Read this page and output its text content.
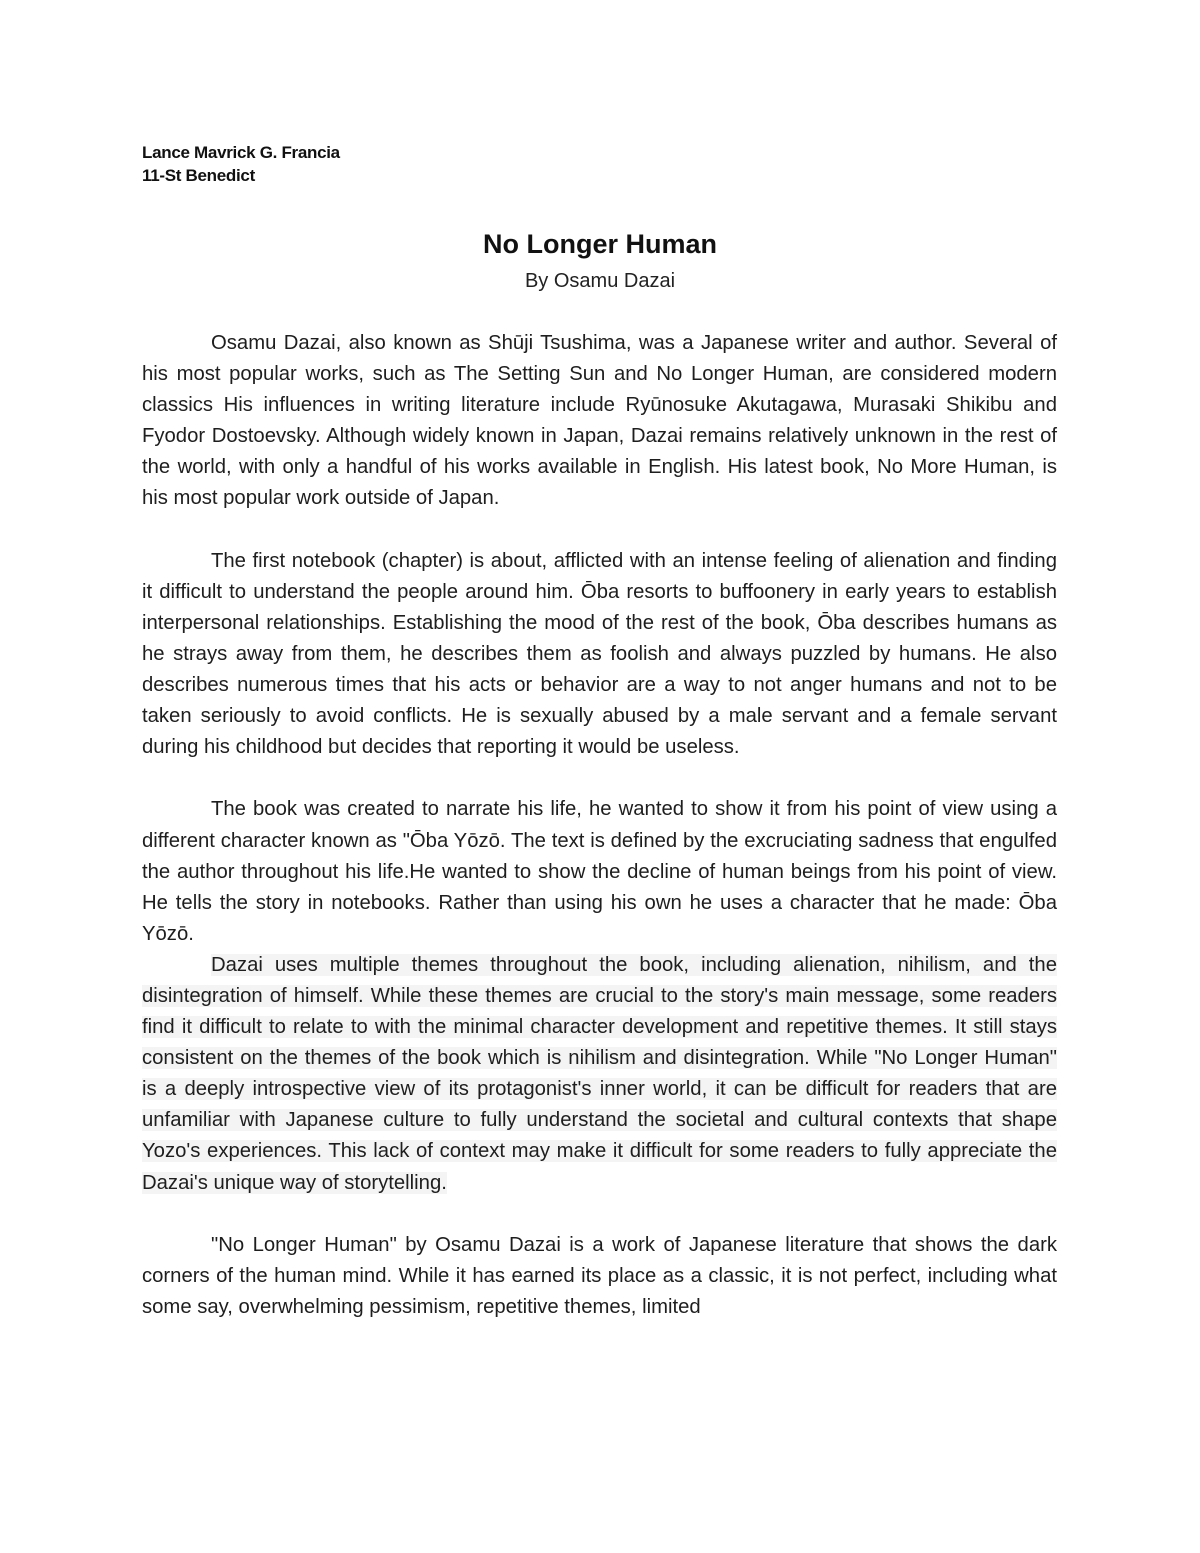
Lance Mavrick G. Francia
11-St Benedict
No Longer Human
By Osamu Dazai

Osamu Dazai, also known as Shūji Tsushima, was a Japanese writer and author. Several of his most popular works, such as The Setting Sun and No Longer Human, are considered modern classics His influences in writing literature include Ryūnosuke Akutagawa, Murasaki Shikibu and Fyodor Dostoevsky. Although widely known in Japan, Dazai remains relatively unknown in the rest of the world, with only a handful of his works available in English. His latest book, No More Human, is his most popular work outside of Japan.

The first notebook (chapter) is about, afflicted with an intense feeling of alienation and finding it difficult to understand the people around him. Ōba resorts to buffoonery in early years to establish interpersonal relationships. Establishing the mood of the rest of the book, Ōba describes humans as he strays away from them, he describes them as foolish and always puzzled by humans. He also describes numerous times that his acts or behavior are a way to not anger humans and not to be taken seriously to avoid conflicts. He is sexually abused by a male servant and a female servant during his childhood but decides that reporting it would be useless.

The book was created to narrate his life, he wanted to show it from his point of view using a different character known as "Ōba Yōzō. The text is defined by the excruciating sadness that engulfed the author throughout his life.He wanted to show the decline of human beings from his point of view. He tells the story in notebooks. Rather than using his own he uses a character that he made: Ōba Yōzō.

Dazai uses multiple themes throughout the book, including alienation, nihilism, and the disintegration of himself. While these themes are crucial to the story's main message, some readers find it difficult to relate to with the minimal character development and repetitive themes. It still stays consistent on the themes of the book which is nihilism and disintegration. While "No Longer Human" is a deeply introspective view of its protagonist's inner world, it can be difficult for readers that are unfamiliar with Japanese culture to fully understand the societal and cultural contexts that shape Yozo's experiences. This lack of context may make it difficult for some readers to fully appreciate the Dazai's unique way of storytelling.

"No Longer Human" by Osamu Dazai is a work of Japanese literature that shows the dark corners of the human mind. While it has earned its place as a classic, it is not perfect, including what some say, overwhelming pessimism, repetitive themes, limited
